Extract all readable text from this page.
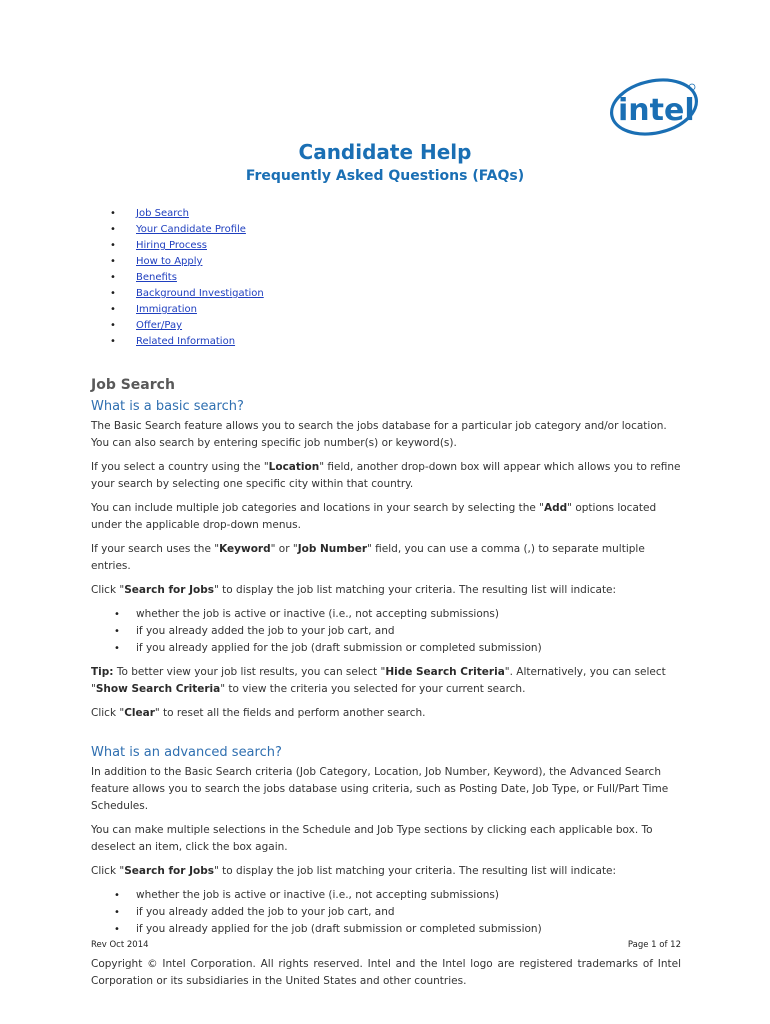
intel
Candidate Help
Frequently Asked Questions (FAQs)
• Job Search
• Your Candidate Profile
• Hiring Process
• How to Apply
• Benefits
• Background Investigation
• Immigration
• Offer/Pay
• Related Information
Job Search
What is a basic search?

The Basic Search feature allows you to search the jobs database for a particular job category and/or location. You can also search by entering specific job number(s) or keyword(s).

If you select a country using the "Location" field, another drop-down box will appear which allows you to refine your search by selecting one specific city within that country.

You can include multiple job categories and locations in your search by selecting the "Add" options located under the applicable drop-down menus.

If your search uses the "Keyword" or "Job Number" field, you can use a comma (,) to separate multiple entries.

Click "Search for Jobs" to display the job list matching your criteria. The resulting list will indicate:

• whether the job is active or inactive (i.e., not accepting submissions)
• if you already added the job to your job cart, and
• if you already applied for the job (draft submission or completed submission)

Tip: To better view your job list results, you can select "Hide Search Criteria". Alternatively, you can select "Show Search Criteria" to view the criteria you selected for your current search.

Click "Clear" to reset all the fields and perform another search.

What is an advanced search?

In addition to the Basic Search criteria (Job Category, Location, Job Number, Keyword), the Advanced Search feature allows you to search the jobs database using criteria, such as Posting Date, Job Type, or Full/Part Time Schedules.

You can make multiple selections in the Schedule and Job Type sections by clicking each applicable box. To deselect an item, click the box again.

Click "Search for Jobs" to display the job list matching your criteria. The resulting list will indicate:

• whether the job is active or inactive (i.e., not accepting submissions)
• if you already added the job to your job cart, and
• if you already applied for the job (draft submission or completed submission)
Rev Oct 2014	Page 1 of 12

Copyright © Intel Corporation. All rights reserved. Intel and the Intel logo are registered trademarks of Intel Corporation or its subsidiaries in the United States and other countries.
